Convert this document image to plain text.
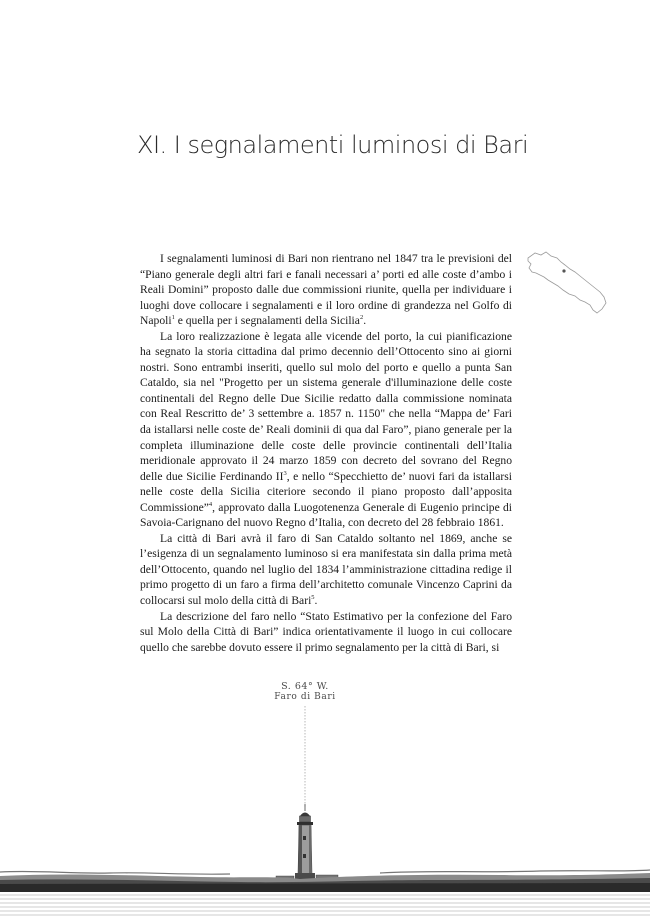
XI. I segnalamenti luminosi di Bari

I segnalamenti luminosi di Bari non rientrano nel 1847 tra le previsioni del “Piano generale degli altri fari e fanali necessari a’ porti ed alle coste d’ambo i Reali Domini” proposto dalle due commissioni riunite, quella per individuare i luoghi dove collocare i segnalamenti e il loro ordine di grandezza nel Golfo di Napoli$^1$ e quella per i segnalamenti della Sicilia$^2$.

La loro realizzazione è legata alle vicende del porto, la cui pianificazione ha segnato la storia cittadina dal primo decennio dell’Ottocento sino ai giorni nostri. Sono entrambi inseriti, quello sul molo del porto e quello a punta San Cataldo, sia nel "Progetto per un sistema generale d'illuminazione delle coste continentali del Regno delle Due Sicilie redatto dalla commissione nominata con Real Rescritto de’ 3 settembre a. 1857 n. 1150" che nella “Mappa de’ Fari da istallarsi nelle coste de’ Reali dominii di qua dal Faro”, piano generale per la completa illuminazione delle coste delle provincie continentali dell’Italia meridionale approvato il 24 marzo 1859 con decreto del sovrano del Regno delle due Sicilie Ferdinando $II^3$, e nello “Specchietto de’ nuovi fari da istallarsi nelle coste della Sicilia citeriore secondo il piano proposto dall’apposita Commissione”$^4$, approvato dalla Luogotenenza Generale di Eugenio principe di Savoia-Carignano del nuovo Regno d’Italia, con decreto del 28 febbraio 1861.

La città di Bari avrà il faro di San Cataldo soltanto nel 1869, anche se l’esigenza di un segnalamento luminoso si era manifestata sin dalla prima metà dell’Ottocento, quando nel luglio del 1834 l’amministrazione cittadina redige il primo progetto di un faro a firma dell’architetto comunale Vincenzo Caprini da collocarsi sul molo della città di Bari$^5$.

La descrizione del faro nello “Stato Estimativo per la confezione del Faro sul Molo della Città di Bari” indica orientativamente il luogo in cui collocare quello che sarebbe dovuto essere il primo segnalamento per la città di Bari, si

S. 64° W.
Faro di Bari
